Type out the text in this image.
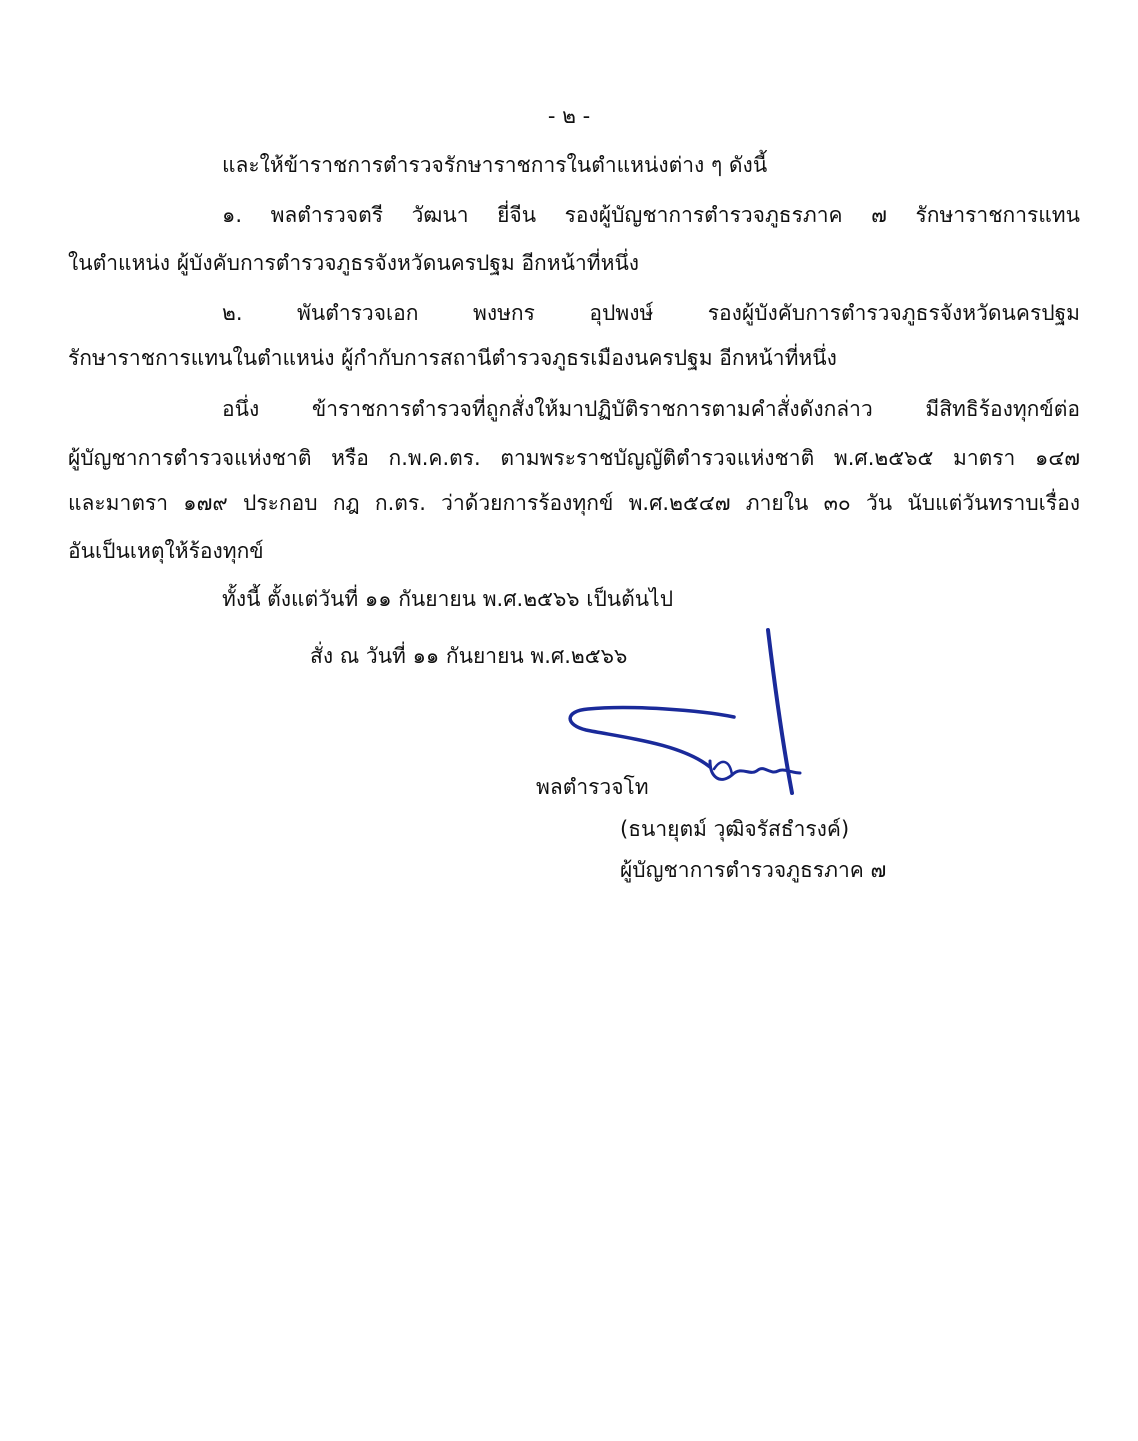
- ๒ -
และให้ข้าราชการตำรวจรักษาราชการในตำแหน่งต่าง ๆ ดังนี้
๑. พลตำรวจตรี วัฒนา ยี่จีน รองผู้บัญชาการตำรวจภูธรภาค ๗ รักษาราชการแทน
ในตำแหน่ง ผู้บังคับการตำรวจภูธรจังหวัดนครปฐม อีกหน้าที่หนึ่ง
๒. พันตำรวจเอก พงษกร อุปพงษ์ รองผู้บังคับการตำรวจภูธรจังหวัดนครปฐม
รักษาราชการแทนในตำแหน่ง ผู้กำกับการสถานีตำรวจภูธรเมืองนครปฐม อีกหน้าที่หนึ่ง
อนึ่ง ข้าราชการตำรวจที่ถูกสั่งให้มาปฏิบัติราชการตามคำสั่งดังกล่าว มีสิทธิร้องทุกข์ต่อ
ผู้บัญชาการตำรวจแห่งชาติ หรือ ก.พ.ค.ตร. ตามพระราชบัญญัติตำรวจแห่งชาติ พ.ศ.๒๕๖๕ มาตรา ๑๔๗
และมาตรา ๑๗๙ ประกอบ กฎ ก.ตร. ว่าด้วยการร้องทุกข์ พ.ศ.๒๕๔๗ ภายใน ๓๐ วัน นับแต่วันทราบเรื่อง
อันเป็นเหตุให้ร้องทุกข์
ทั้งนี้ ตั้งแต่วันที่ ๑๑ กันยายน พ.ศ.๒๕๖๖ เป็นต้นไป
สั่ง ณ วันที่ ๑๑ กันยายน พ.ศ.๒๕๖๖
พลตำรวจโท
(ธนายุตม์ วุฒิจรัสธำรงค์)
ผู้บัญชาการตำรวจภูธรภาค ๗
